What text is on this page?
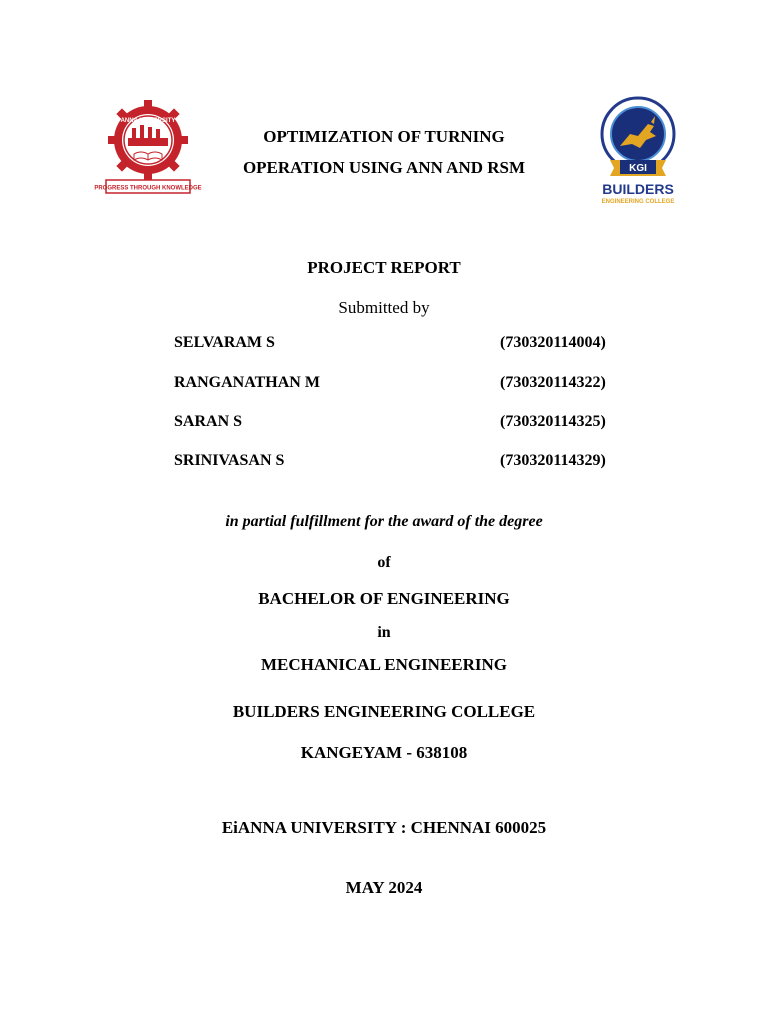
ANNA UNIVERSITY
PROGRESS THROUGH KNOWLEDGE
KGI
BUILDERS
ENGINEERING COLLEGE
OPTIMIZATION OF TURNING
OPERATION USING ANN AND RSM
PROJECT REPORT
Submitted by
SELVARAM S	(730320114004)
RANGANATHAN M	(730320114322)
SARAN S	(730320114325)
SRINIVASAN S	(730320114329)
in partial fulfillment for the award of the degree
of
BACHELOR OF ENGINEERING
in
MECHANICAL ENGINEERING
BUILDERS ENGINEERING COLLEGE
KANGEYAM - 638108
EiANNA UNIVERSITY : CHENNAI 600025
MAY 2024
